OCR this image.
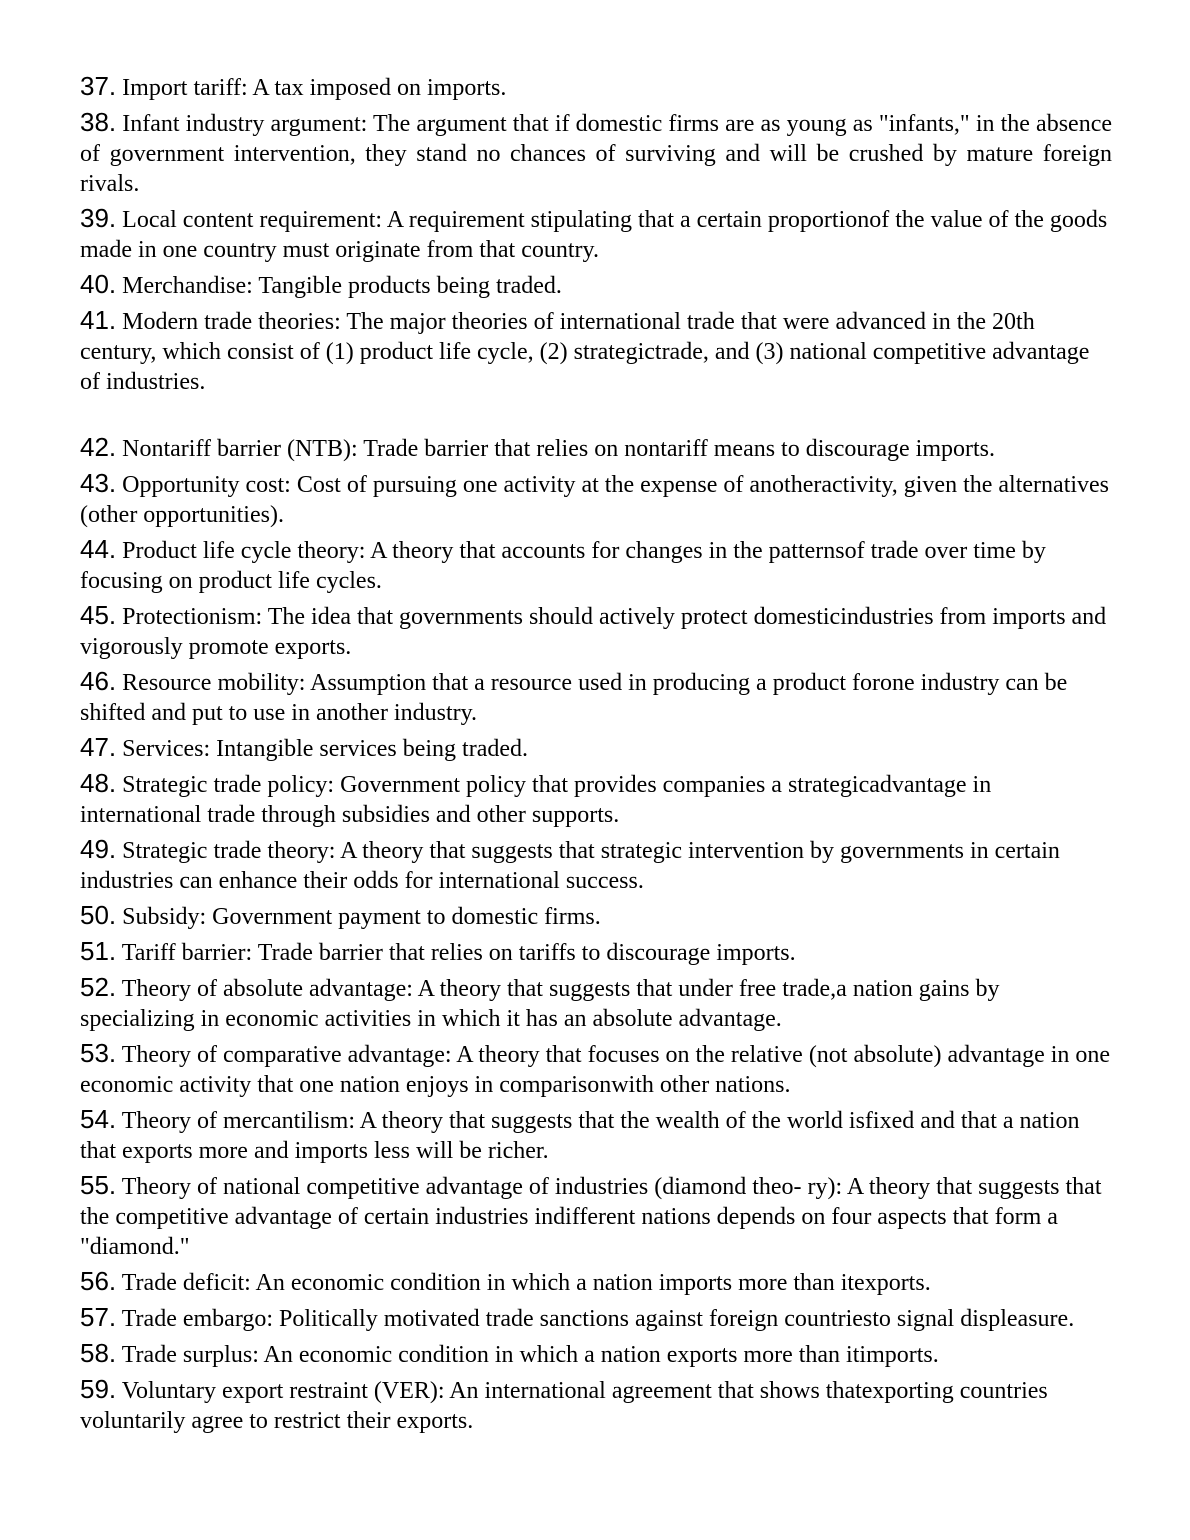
37. Import tariff: A tax imposed on imports.

38. Infant industry argument: The argument that if domestic firms are as young as "infants," in the absence of government intervention, they stand no chances of surviving and will be crushed by mature foreign rivals.

39. Local content requirement: A requirement stipulating that a certain proportionof the value of the goods made in one country must originate from that country.

40. Merchandise: Tangible products being traded.

41. Modern trade theories: The major theories of international trade that were advanced in the 20th century, which consist of (1) product life cycle, (2) strategictrade, and (3) national competitive advantage of industries.

42. Nontariff barrier (NTB): Trade barrier that relies on nontariff means to discourage imports.

43. Opportunity cost: Cost of pursuing one activity at the expense of anotheractivity, given the alternatives (other opportunities).

44. Product life cycle theory: A theory that accounts for changes in the patternsof trade over time by focusing on product life cycles.

45. Protectionism: The idea that governments should actively protect domesticindustries from imports and vigorously promote exports.

46. Resource mobility: Assumption that a resource used in producing a product forone industry can be shifted and put to use in another industry.

47. Services: Intangible services being traded.

48. Strategic trade policy: Government policy that provides companies a strategicadvantage in international trade through subsidies and other supports.

49. Strategic trade theory: A theory that suggests that strategic intervention by governments in certain industries can enhance their odds for international success.

50. Subsidy: Government payment to domestic firms.

51. Tariff barrier: Trade barrier that relies on tariffs to discourage imports.

52. Theory of absolute advantage: A theory that suggests that under free trade,a nation gains by specializing in economic activities in which it has an absolute advantage.

53. Theory of comparative advantage: A theory that focuses on the relative (not absolute) advantage in one economic activity that one nation enjoys in comparisonwith other nations.

54. Theory of mercantilism: A theory that suggests that the wealth of the world isfixed and that a nation that exports more and imports less will be richer.

55. Theory of national competitive advantage of industries (diamond theo- ry): A theory that suggests that the competitive advantage of certain industries indifferent nations depends on four aspects that form a "diamond."

56. Trade deficit: An economic condition in which a nation imports more than itexports.

57. Trade embargo: Politically motivated trade sanctions against foreign countriesto signal displeasure.

58. Trade surplus: An economic condition in which a nation exports more than itimports.

59. Voluntary export restraint (VER): An international agreement that shows thatexporting countries voluntarily agree to restrict their exports.
